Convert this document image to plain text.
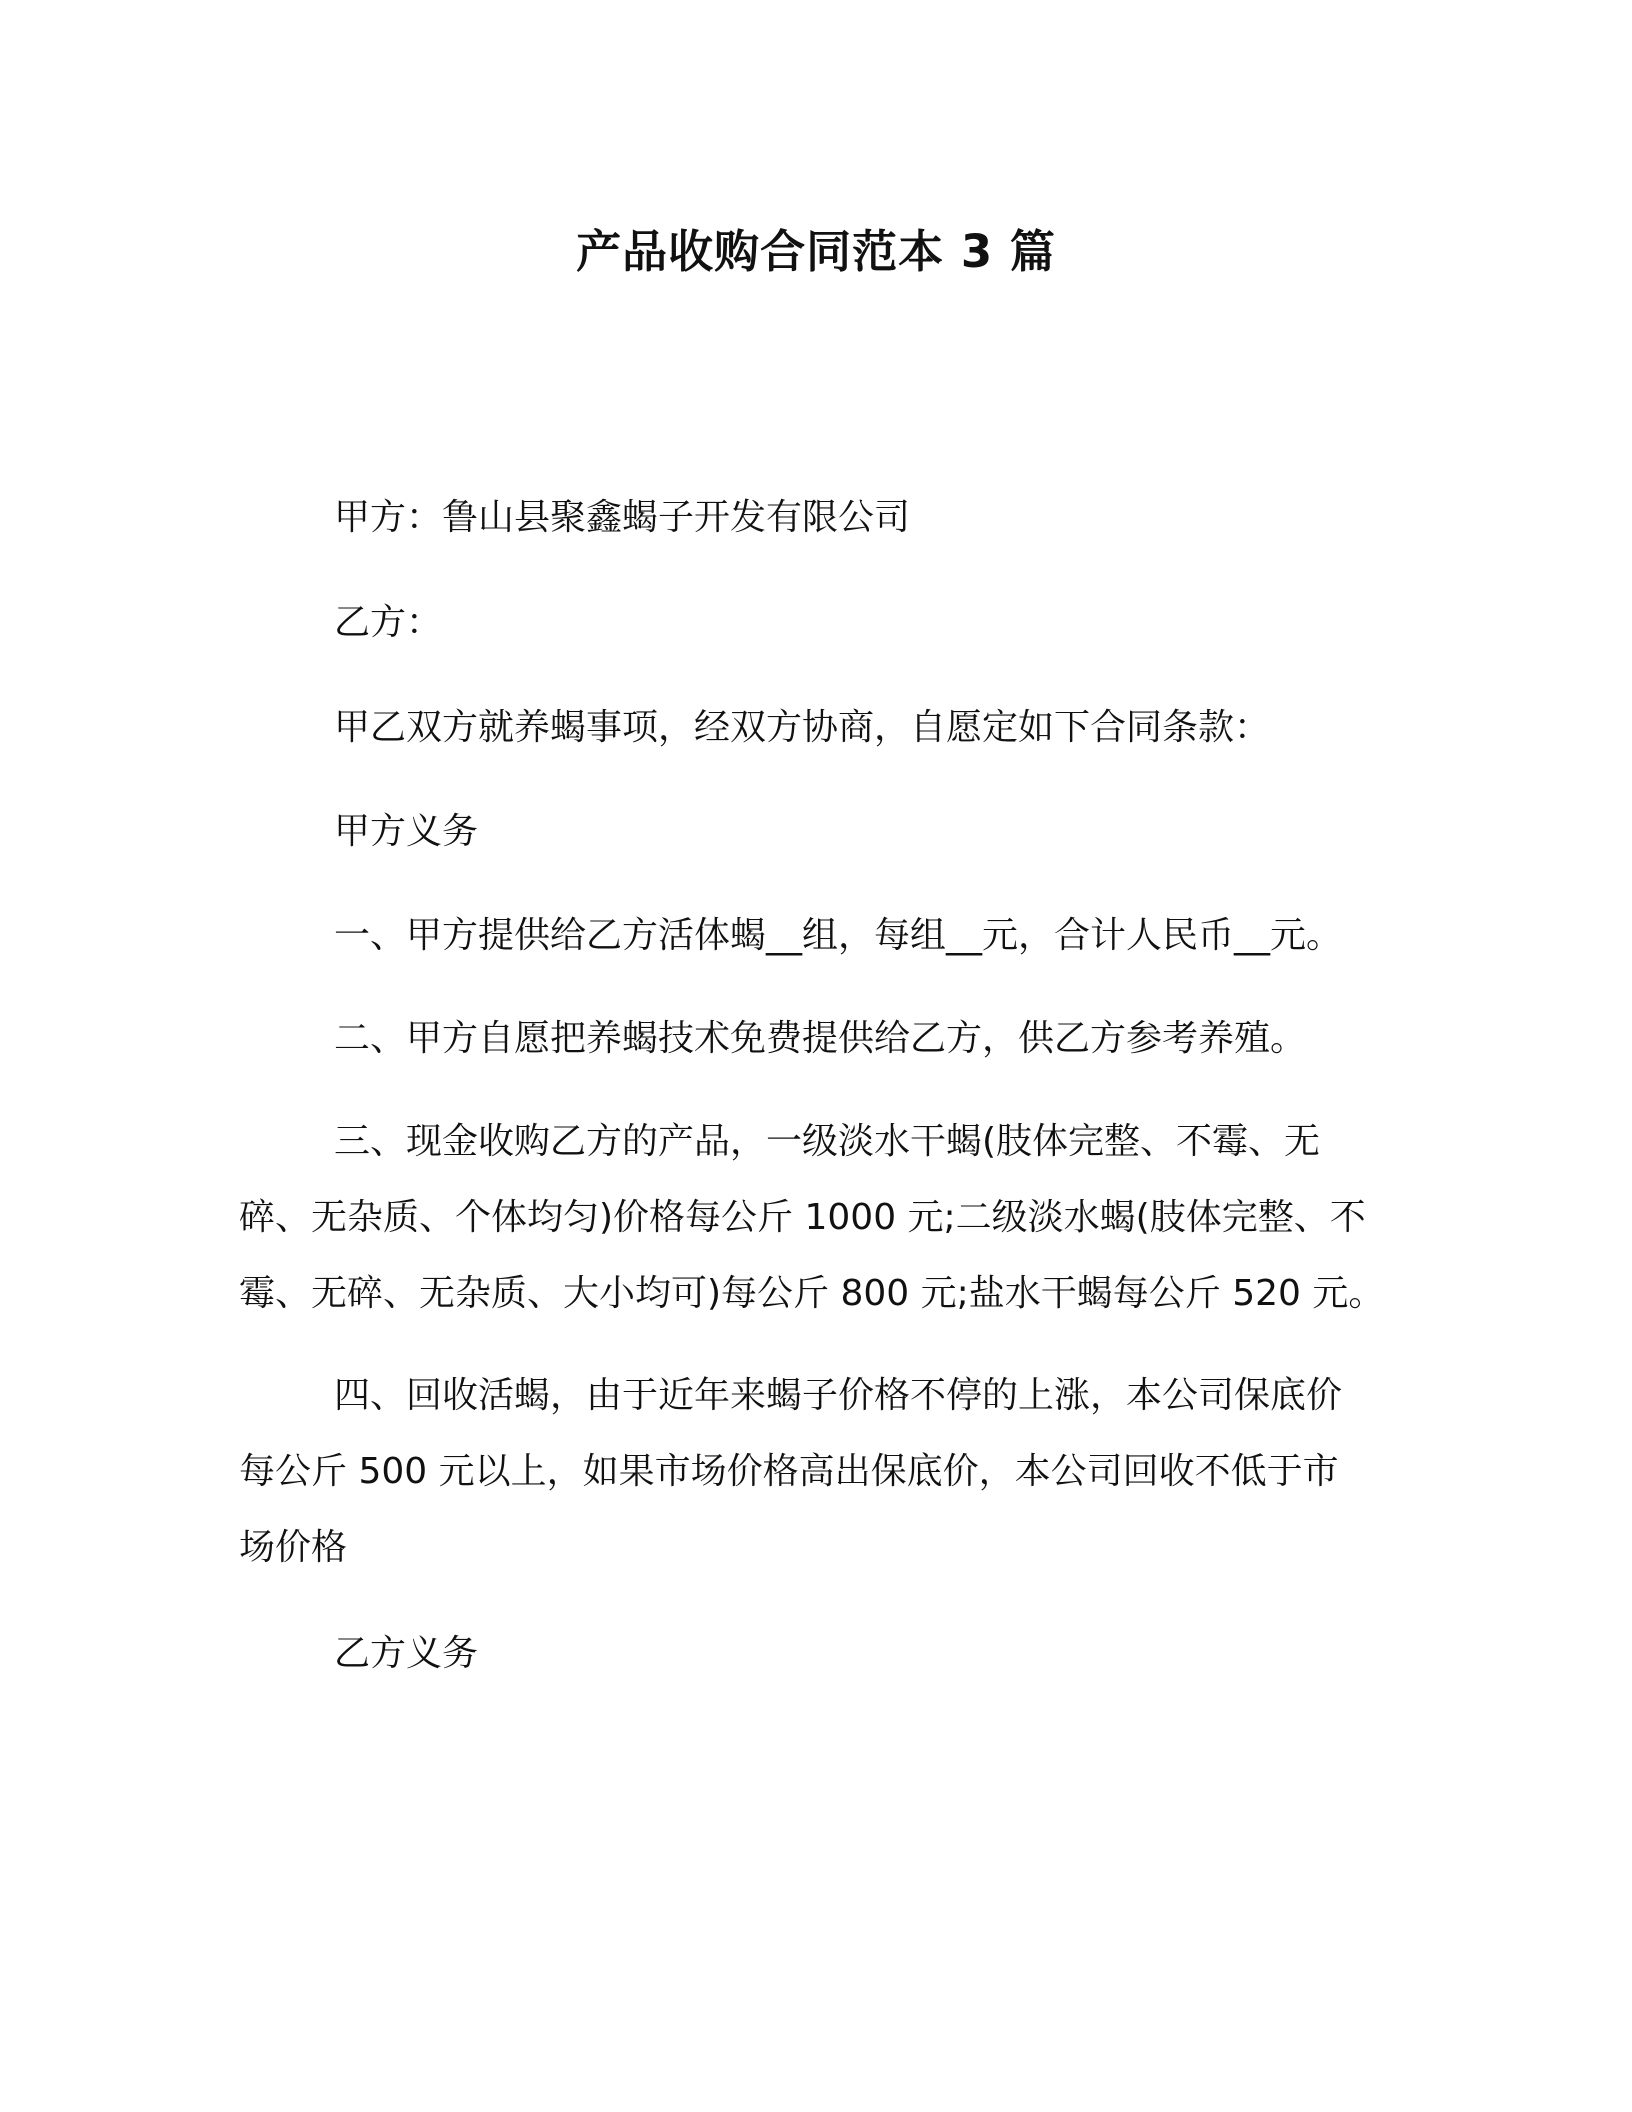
产品收购合同范本 3 篇
甲方：鲁山县聚鑫蝎子开发有限公司
乙方：
甲乙双方就养蝎事项，经双方协商，自愿定如下合同条款：
甲方义务
一、甲方提供给乙方活体蝎__组，每组__元，合计人民币__元。
二、甲方自愿把养蝎技术免费提供给乙方，供乙方参考养殖。
三、现金收购乙方的产品，一级淡水干蝎(肢体完整、不霉、无
碎、无杂质、个体均匀)价格每公斤 1000 元;二级淡水蝎(肢体完整、不
霉、无碎、无杂质、大小均可)每公斤 800 元;盐水干蝎每公斤 520 元。
四、回收活蝎，由于近年来蝎子价格不停的上涨，本公司保底价
每公斤 500 元以上，如果市场价格高出保底价，本公司回收不低于市
场价格
乙方义务
